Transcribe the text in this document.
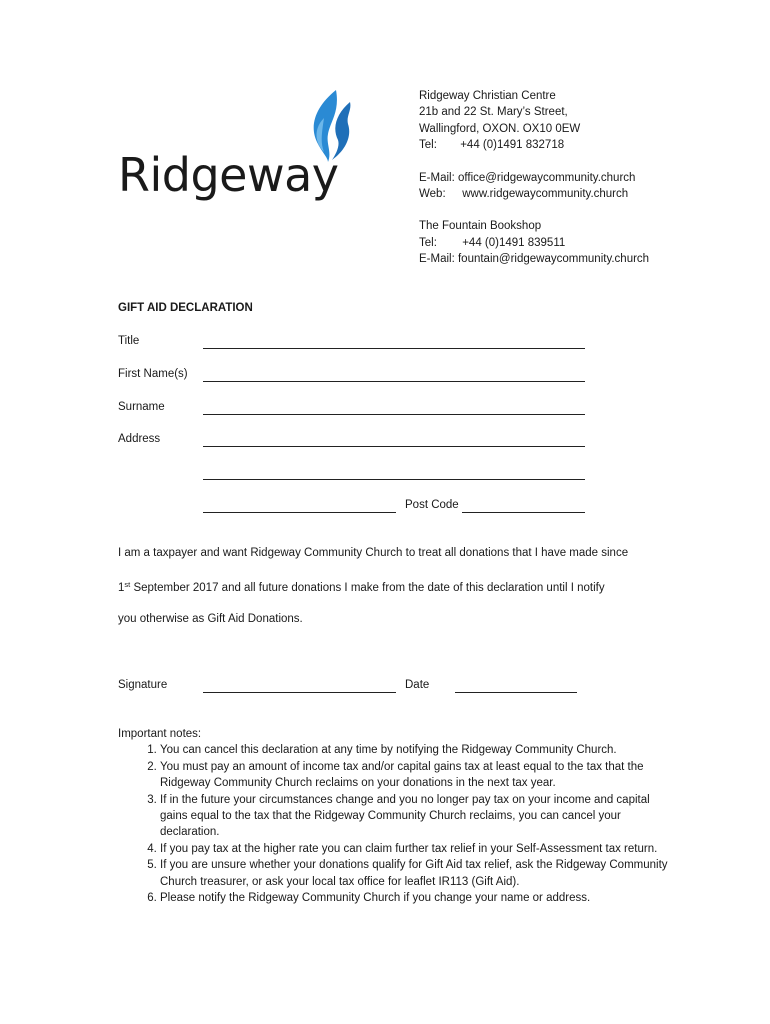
Ridgeway
Ridgeway Christian Centre
21b and 22 St. Mary’s Street,
Wallingford, OXON. OX10 0EW
Tel: +44 (0)1491 832718
E-Mail: office@ridgewaycommunity.church
Web: www.ridgewaycommunity.church
The Fountain Bookshop
Tel: +44 (0)1491 839511
E-Mail: fountain@ridgewaycommunity.church
GIFT AID DECLARATION
Title
First Name(s)
Surname
Address
Post Code
I am a taxpayer and want Ridgeway Community Church to treat all donations that I have made since
1st September 2017 and all future donations I make from the date of this declaration until I notify
you otherwise as Gift Aid Donations.
Signature	Date
Important notes:
1. You can cancel this declaration at any time by notifying the Ridgeway Community Church.
2. You must pay an amount of income tax and/or capital gains tax at least equal to the tax that the Ridgeway Community Church reclaims on your donations in the next tax year.
3. If in the future your circumstances change and you no longer pay tax on your income and capital gains equal to the tax that the Ridgeway Community Church reclaims, you can cancel your declaration.
4. If you pay tax at the higher rate you can claim further tax relief in your Self-Assessment tax return.
5. If you are unsure whether your donations qualify for Gift Aid tax relief, ask the Ridgeway Community Church treasurer, or ask your local tax office for leaflet IR113 (Gift Aid).
6. Please notify the Ridgeway Community Church if you change your name or address.
